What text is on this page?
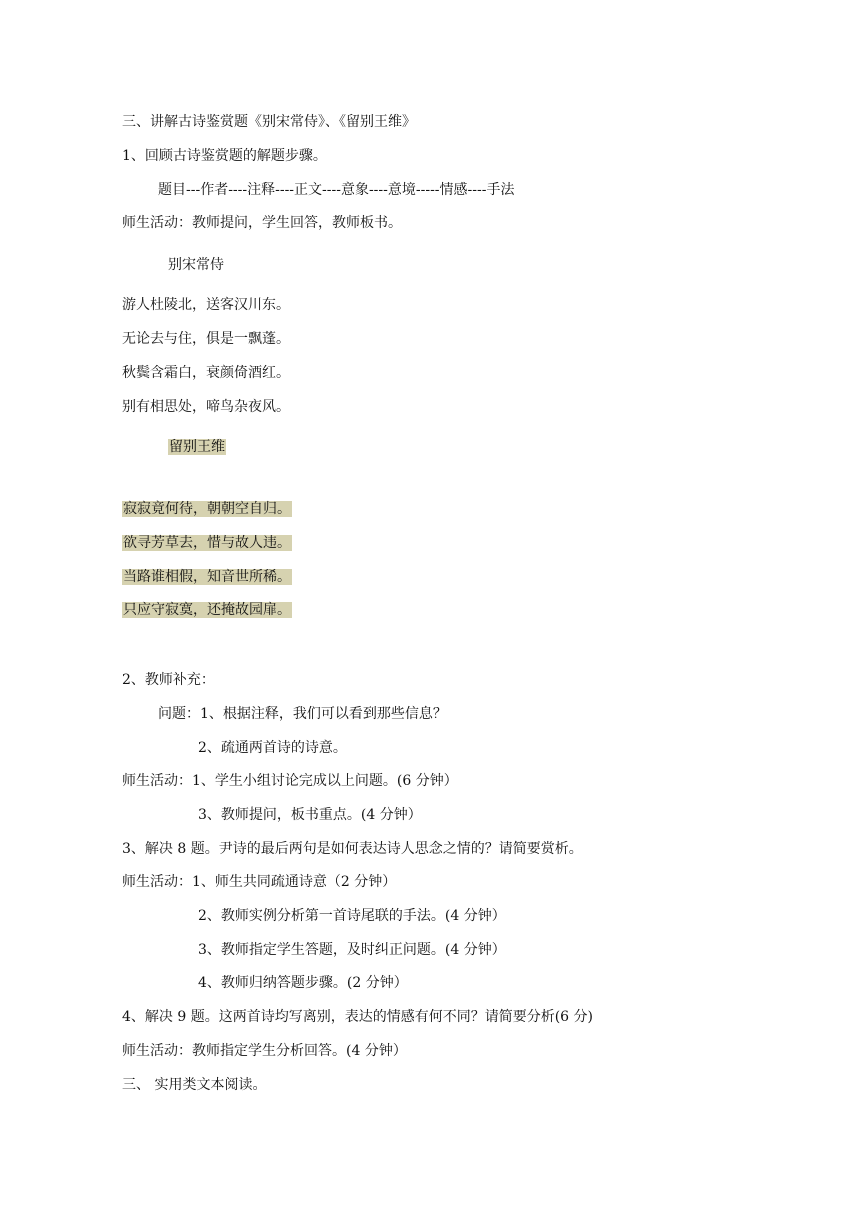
三、讲解古诗鉴赏题《别宋常侍》、《留别王维》
1、回顾古诗鉴赏题的解题步骤。
题目---作者----注释----正文----意象----意境-----情感----手法
师生活动：教师提问，学生回答，教师板书。
别宋常侍
游人杜陵北，送客汉川东。
无论去与住，俱是一飘蓬。
秋鬓含霜白，衰颜倚酒红。
别有相思处，啼鸟杂夜风。
留别王维
寂寂竟何待，朝朝空自归。
欲寻芳草去，惜与故人违。
当路谁相假，知音世所稀。
只应守寂寞，还掩故园扉。
2、教师补充：
问题：1、根据注释，我们可以看到那些信息？
2、疏通两首诗的诗意。
师生活动：1、学生小组讨论完成以上问题。(6 分钟）
3、教师提问，板书重点。(4 分钟）
3、解决 8 题。尹诗的最后两句是如何表达诗人思念之情的？请简要赏析。
师生活动：1、师生共同疏通诗意（2 分钟）
2、教师实例分析第一首诗尾联的手法。(4 分钟）
3、教师指定学生答题，及时纠正问题。(4 分钟）
4、教师归纳答题步骤。(2 分钟）
4、解决 9 题。这两首诗均写离别，表达的情感有何不同？请简要分析(6 分)
师生活动：教师指定学生分析回答。(4 分钟）
三、 实用类文本阅读。
